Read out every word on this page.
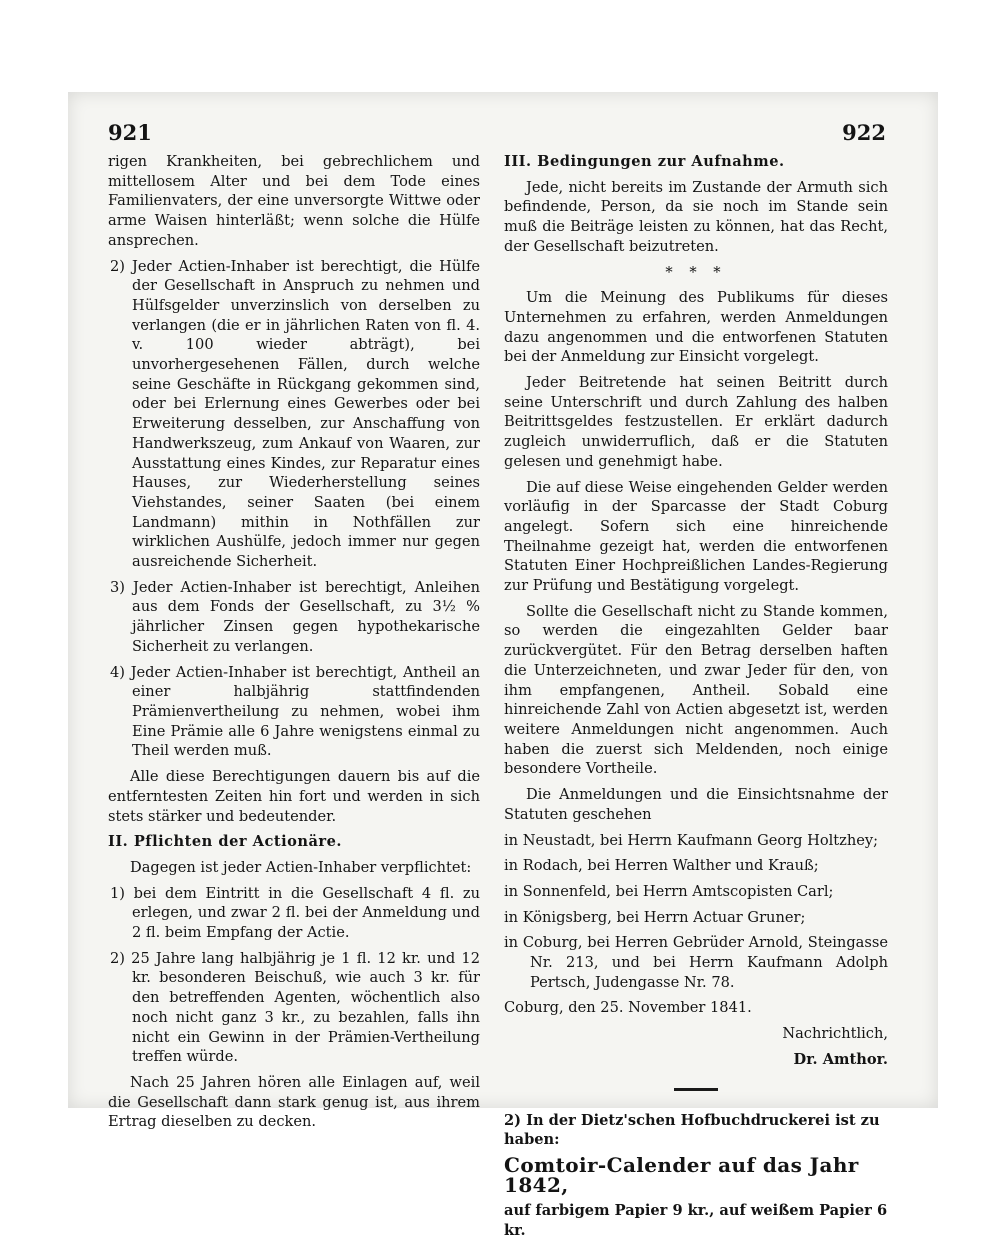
921	922

rigen Krankheiten, bei gebrechlichem und mittellosem Alter und bei dem Tode eines Familienvaters, der eine unversorgte Wittwe oder arme Waisen hinterläßt; wenn solche die Hülfe ansprechen.

2) Jeder Actien-Inhaber ist berechtigt, die Hülfe der Gesellschaft in Anspruch zu nehmen und Hülfsgelder unverzinslich von derselben zu verlangen (die er in jährlichen Raten von fl. 4. v. 100 wieder abträgt), bei unvorhergesehenen Fällen, durch welche seine Geschäfte in Rückgang gekommen sind, oder bei Erlernung eines Gewerbes oder bei Erweiterung desselben, zur Anschaffung von Handwerkszeug, zum Ankauf von Waaren, zur Ausstattung eines Kindes, zur Reparatur eines Hauses, zur Wiederherstellung seines Viehstandes, seiner Saaten (bei einem Landmann) mithin in Nothfällen zur wirklichen Aushülfe, jedoch immer nur gegen ausreichende Sicherheit.

3) Jeder Actien-Inhaber ist berechtigt, Anleihen aus dem Fonds der Gesellschaft, zu 3½ % jährlicher Zinsen gegen hypothekarische Sicherheit zu verlangen.

4) Jeder Actien-Inhaber ist berechtigt, Antheil an einer halbjährig stattfindenden Prämienvertheilung zu nehmen, wobei ihm Eine Prämie alle 6 Jahre wenigstens einmal zu Theil werden muß.

Alle diese Berechtigungen dauern bis auf die entferntesten Zeiten hin fort und werden in sich stets stärker und bedeutender.

II. Pflichten der Actionäre.

Dagegen ist jeder Actien-Inhaber verpflichtet:

1) bei dem Eintritt in die Gesellschaft 4 fl. zu erlegen, und zwar 2 fl. bei der Anmeldung und 2 fl. beim Empfang der Actie.

2) 25 Jahre lang halbjährig je 1 fl. 12 kr. und 12 kr. besonderen Beischuß, wie auch 3 kr. für den betreffenden Agenten, wöchentlich also noch nicht ganz 3 kr., zu bezahlen, falls ihn nicht ein Gewinn in der Prämien-Vertheilung treffen würde.

Nach 25 Jahren hören alle Einlagen auf, weil die Gesellschaft dann stark genug ist, aus ihrem Ertrag dieselben zu decken.

III. Bedingungen zur Aufnahme.

Jede, nicht bereits im Zustande der Armuth sich befindende, Person, da sie noch im Stande sein muß die Beiträge leisten zu können, hat das Recht, der Gesellschaft beizutreten.

* * *

Um die Meinung des Publikums für dieses Unternehmen zu erfahren, werden Anmeldungen dazu angenommen und die entworfenen Statuten bei der Anmeldung zur Einsicht vorgelegt.

Jeder Beitretende hat seinen Beitritt durch seine Unterschrift und durch Zahlung des halben Beitrittsgeldes festzustellen. Er erklärt dadurch zugleich unwiderruflich, daß er die Statuten gelesen und genehmigt habe.

Die auf diese Weise eingehenden Gelder werden vorläufig in der Sparcasse der Stadt Coburg angelegt. Sofern sich eine hinreichende Theilnahme gezeigt hat, werden die entworfenen Statuten Einer Hochpreißlichen Landes-Regierung zur Prüfung und Bestätigung vorgelegt.

Sollte die Gesellschaft nicht zu Stande kommen, so werden die eingezahlten Gelder baar zurückvergütet. Für den Betrag derselben haften die Unterzeichneten, und zwar Jeder für den, von ihm empfangenen, Antheil. Sobald eine hinreichende Zahl von Actien abgesetzt ist, werden weitere Anmeldungen nicht angenommen. Auch haben die zuerst sich Meldenden, noch einige besondere Vortheile.

Die Anmeldungen und die Einsichtsnahme der Statuten geschehen

in Neustadt, bei Herrn Kaufmann Georg Holtzhey;

in Rodach, bei Herren Walther und Krauß;

in Sonnenfeld, bei Herrn Amtscopisten Carl;

in Königsberg, bei Herrn Actuar Gruner;

in Coburg, bei Herren Gebrüder Arnold, Steingasse Nr. 213, und bei Herrn Kaufmann Adolph Pertsch, Judengasse Nr. 78.

Coburg, den 25. November 1841.

Nachrichtlich,

Dr. Amthor.

2) In der Dietz'schen Hofbuchdruckerei ist zu haben:

Comtoir-Calender auf das Jahr 1842,

auf farbigem Papier 9 kr., auf weißem Papier 6 kr.
